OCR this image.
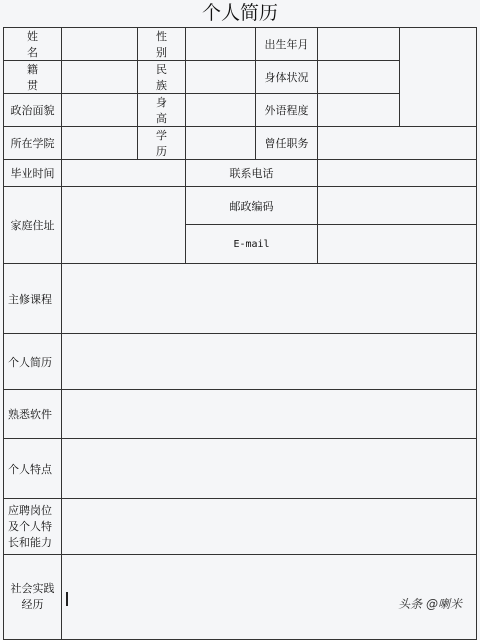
个人简历
姓 名		性 别		出生年月		
籍 贯		民 族		身体状况		
政治面貌		身 高		外语程度		
所在学院		学 历		曾任职务		
毕业时间			联系电话			
家庭住址			邮政编码			
			E-mail			
主修课程						
个人简历						
熟悉软件						
个人特点						
应聘岗位及个人特长和能力						
社会实践经历							头条 @喇米
